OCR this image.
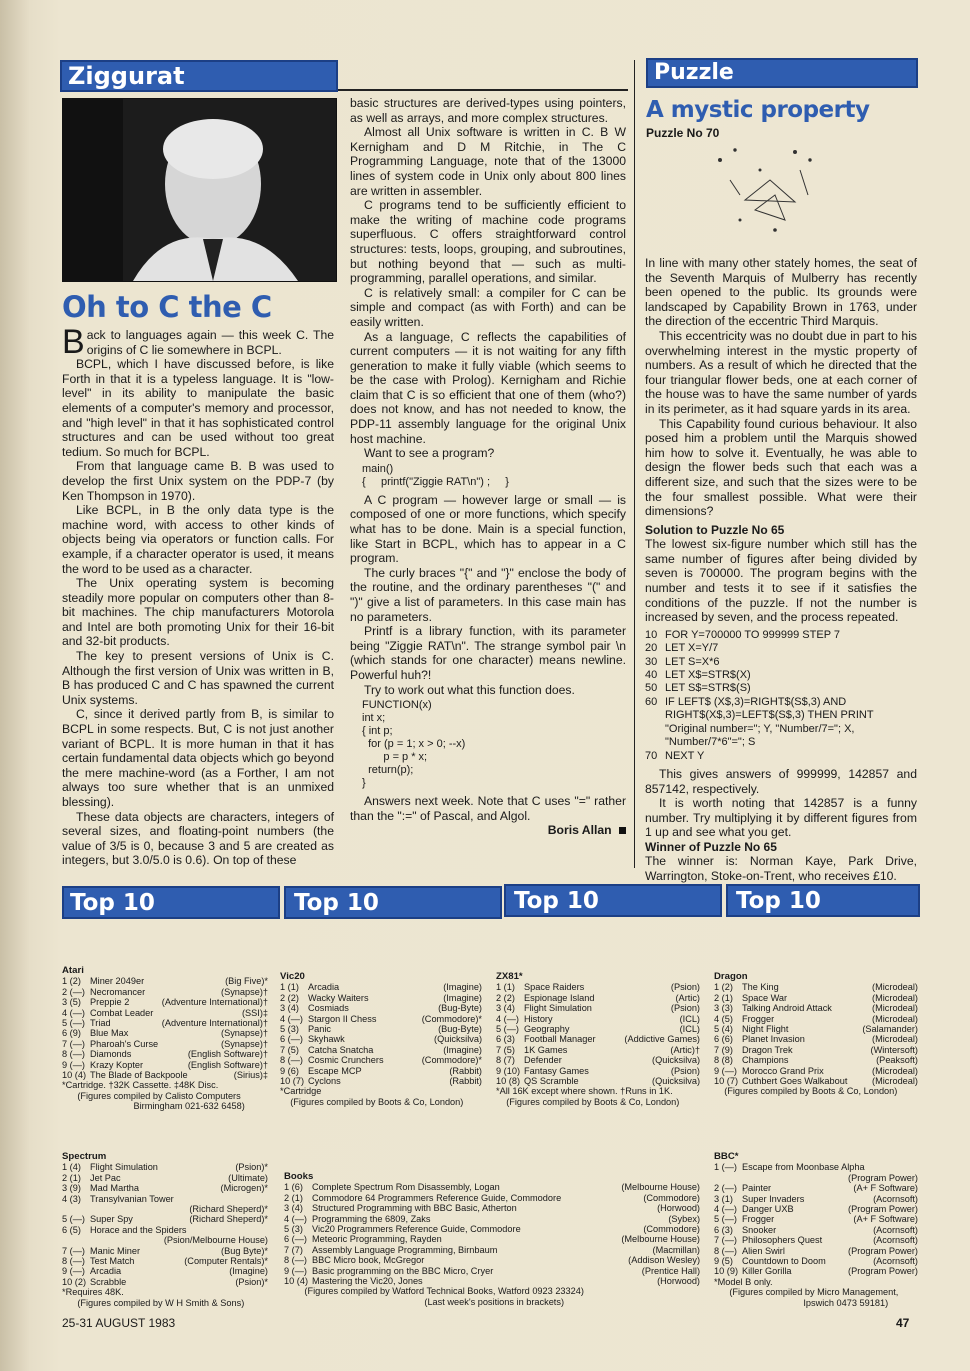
Ziggurat
Oh to C the C

Back to languages again — this week C. The origins of C lie somewhere in BCPL.

BCPL, which I have discussed before, is like Forth in that it is a typeless language. It is "low-level" in its ability to manipulate the basic elements of a computer's memory and processor, and "high level" in that it has sophisticated control structures and can be used without too great tedium. So much for BCPL.

From that language came B. B was used to develop the first Unix system on the PDP-7 (by Ken Thompson in 1970).

Like BCPL, in B the only data type is the machine word, with access to other kinds of objects being via operators or function calls. For example, if a character operator is used, it means the word to be used as a character.

The Unix operating system is becoming steadily more popular on computers other than 8-bit machines. The chip manufacturers Motorola and Intel are both promoting Unix for their 16-bit and 32-bit products.

The key to present versions of Unix is C. Although the first version of Unix was written in B, B has produced C and C has spawned the current Unix systems.

C, since it derived partly from B, is similar to BCPL in some respects. But, C is not just another variant of BCPL. It is more human in that it has certain fundamental data objects which go beyond the mere machine-word (as a Forther, I am not always too sure whether that is an unmixed blessing).

These data objects are characters, integers of several sizes, and floating-point numbers (the value of 3/5 is 0, because 3 and 5 are created as integers, but 3.0/5.0 is 0.6). On top of these

basic structures are derived-types using pointers, as well as arrays, and more complex structures.

Almost all Unix software is written in C. B W Kernigham and D M Ritchie, in The C Programming Language, note that of the 13000 lines of system code in Unix only about 800 lines are written in assembler.

C programs tend to be sufficiently efficient to make the writing of machine code programs superfluous. C offers straightforward control structures: tests, loops, grouping, and subroutines, but nothing beyond that — such as multi-programming, parallel operations, and similar.

C is relatively small: a compiler for C can be simple and compact (as with Forth) and can be easily written.

As a language, C reflects the capabilities of current computers — it is not waiting for any fifth generation to make it fully viable (which seems to be the case with Prolog). Kernigham and Richie claim that C is so efficient that one of them (who?) does not know, and has not needed to know, the PDP-11 assembly language for the original Unix host machine.

Want to see a program?

main()
{     printf("Ziggie RAT\n") ;     }

A C program — however large or small — is composed of one or more functions, which specify what has to be done. Main is a special function, like Start in BCPL, which has to appear in a C program.

The curly braces "{" and "}" enclose the body of the routine, and the ordinary parentheses "(" and ")" give a list of parameters. In this case main has no parameters.

Printf is a library function, with its parameter being "Ziggie RAT\n". The strange symbol pair \n (which stands for one character) means newline. Powerful huh?!

Try to work out what this function does.

FUNCTION(x)
int x;
{ int p;
for (p = 1; x > 0; --x)
p = p * x;
return(p);
}

Answers next week. Note that C uses "=" rather than the ":=" of Pascal, and Algol.

Boris Allan
Puzzle
A mystic property
Puzzle No 70

In line with many other stately homes, the seat of the Seventh Marquis of Mulberry has recently been opened to the public. Its grounds were landscaped by Capability Brown in 1763, under the direction of the eccentric Third Marquis.

This eccentricity was no doubt due in part to his overwhelming interest in the mystic property of numbers. As a result of which he directed that the four triangular flower beds, one at each corner of the house was to have the same number of yards in its perimeter, as it had square yards in its area.

This Capability found curious behaviour. It also posed him a problem until the Marquis showed him how to solve it. Eventually, he was able to design the flower beds such that each was a different size, and such that the sizes were to be the four smallest possible. What were their dimensions?

Solution to Puzzle No 65

The lowest six-figure number which still has the same number of figures after being divided by seven is 700000. The program begins with the number and tests it to see if it satisfies the conditions of the puzzle. If not the number is increased by seven, and the process repeated.

10 FOR Y=700000 TO 999999 STEP 7
20 LET X=Y/7
30 LET S=X*6
40 LET X$=STR$(X)
50 LET S$=STR$(S)
60 IF LEFT$ (X$,3)=RIGHT$(S$,3) AND RIGHT$(X$,3)=LEFT$(S$,3) THEN PRINT "Original number="; Y, "Number/7="; X, "Number/7*6"="; S
70 NEXT Y

This gives answers of 999999, 142857 and 857142, respectively.

It is worth noting that 142857 is a funny number. Try multiplying it by different figures from 1 up and see what you get.

Winner of Puzzle No 65

The winner is: Norman Kaye, Park Drive, Warrington, Stoke-on-Trent, who receives £10.

Top 10	Top 10	Top 10	Top 10
Atari
1 (2) Miner 2049er	(Big Five)*
2 (—) Necromancer	(Synapse)†
3 (5) Preppie 2	(Adventure International)†
4 (—) Combat Leader	(SSI)‡
5 (—) Triad	(Adventure International)†
6 (9) Blue Max	(Synapse)†
7 (—) Pharoah's Curse	(Synapse)†
8 (—) Diamonds	(English Software)†
9 (—) Krazy Kopter	(English Software)†
10 (4) The Blade of Backpoole	(Sirius)‡
*Cartridge. †32K Cassette. ‡48K Disc.
(Figures compiled by Calisto Computers
Birmingham 021-632 6458)
Vic20
1 (1) Arcadia	(Imagine)
2 (2) Wacky Waiters	(Imagine)
3 (4) Cosmiads	(Bug-Byte)
4 (—) Stargon II Chess	(Commodore)*
5 (3) Panic	(Bug-Byte)
6 (—) Skyhawk	(Quicksilva)
7 (5) Catcha Snatcha	(Imagine)
8 (—) Cosmic Crunchers	(Commodore)*
9 (6) Escape MCP	(Rabbit)
10 (7) Cyclons	(Rabbit)
*Cartridge
(Figures compiled by Boots & Co, London)
ZX81*
1 (1) Space Raiders	(Psion)
2 (2) Espionage Island	(Artic)
3 (4) Flight Simulation	(Psion)
4 (—) History	(ICL)
5 (—) Geography	(ICL)
6 (3) Football Manager	(Addictive Games)
7 (5) 1K Games	(Artic)†
8 (7) Defender	(Quicksilva)
9 (10) Fantasy Games	(Psion)
10 (8) QS Scramble	(Quicksilva)
*All 16K except where shown. †Runs in 1K.
(Figures compiled by Boots & Co, London)
Dragon
1 (2) The King	(Microdeal)
2 (1) Space War	(Microdeal)
3 (3) Talking Android Attack	(Microdeal)
4 (5) Frogger	(Microdeal)
5 (4) Night Flight	(Salamander)
6 (6) Planet Invasion	(Microdeal)
7 (9) Dragon Trek	(Wintersoft)
8 (8) Champions	(Peaksoft)
9 (—) Morocco Grand Prix	(Microdeal)
10 (7) Cuthbert Goes Walkabout	(Microdeal)
(Figures compiled by Boots & Co, London)
Spectrum
1 (4) Flight Simulation	(Psion)*
2 (1) Jet Pac	(Ultimate)
3 (9) Mad Martha	(Microgen)*
4 (3) Transylvanian Tower
(Richard Sheperd)*
5 (—) Super Spy	(Richard Sheperd)*
6 (5) Horace and the Spiders
(Psion/Melbourne House)
7 (—) Manic Miner	(Bug Byte)*
8 (—) Test Match	(Computer Rentals)*
9 (—) Arcadia	(Imagine)
10 (2) Scrabble	(Psion)*
*Requires 48K.
(Figures compiled by W H Smith & Sons)
Books
1 (6) Complete Spectrum Rom Disassembly, Logan	(Melbourne House)
2 (1) Commodore 64 Programmers Reference Guide, Commodore	(Commodore)
3 (4) Structured Programming with BBC Basic, Atherton	(Horwood)
4 (—) Programming the 6809, Zaks	(Sybex)
5 (3) Vic20 Programmers Reference Guide, Commodore	(Commodore)
6 (—) Meteoric Programming, Rayden	(Melbourne House)
7 (7) Assembly Language Programming, Birnbaum	(Macmillan)
8 (—) BBC Micro book, McGregor	(Addison Wesley)
9 (—) Basic programming on the BBC Micro, Cryer	(Prentice Hall)
10 (4) Mastering the Vic20, Jones	(Horwood)
(Figures compiled by Watford Technical Books, Watford 0923 23324)
(Last week's positions in brackets)
BBC*
1 (—) Escape from Moonbase Alpha
(Program Power)
2 (—) Painter	(A+ F Software)
3 (1) Super Invaders	(Acornsoft)
4 (—) Danger UXB	(Program Power)
5 (—) Frogger	(A+ F Software)
6 (3) Snooker	(Acornsoft)
7 (—) Philosophers Quest	(Acornsoft)
8 (—) Alien Swirl	(Program Power)
9 (5) Countdown to Doom	(Acornsoft)
10 (9) Killer Gorilla	(Program Power)
*Model B only.
(Figures compiled by Micro Management,
Ipswich 0473 59181)
25-31 AUGUST 1983	47
